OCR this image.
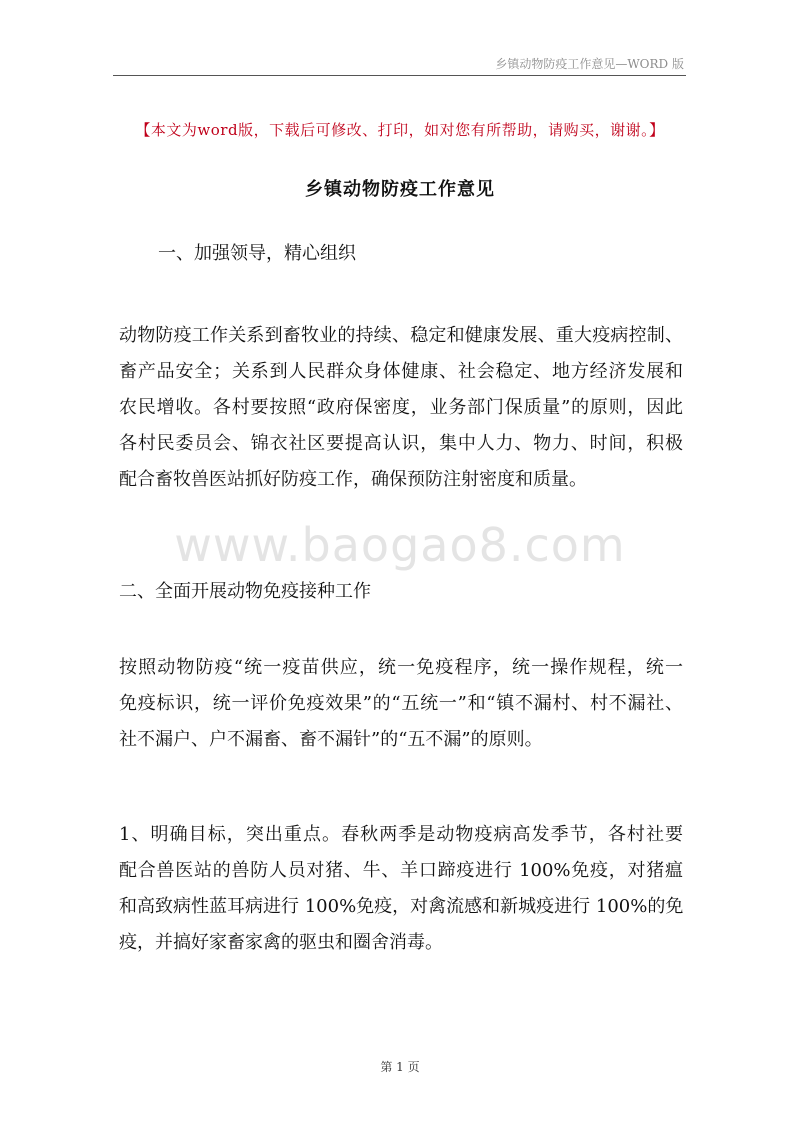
乡镇动物防疫工作意见—WORD 版
【本文为word版，下载后可修改、打印，如对您有所帮助，请购买，谢谢。】
乡镇动物防疫工作意见
一、加强领导，精心组织
动物防疫工作关系到畜牧业的持续、稳定和健康发展、重大疫病控制、
畜产品安全；关系到人民群众身体健康、社会稳定、地方经济发展和
农民增收。各村要按照“政府保密度，业务部门保质量”的原则，因此
各村民委员会、锦衣社区要提高认识，集中人力、物力、时间，积极
配合畜牧兽医站抓好防疫工作，确保预防注射密度和质量。
www.baogao8.com
二、全面开展动物免疫接种工作
按照动物防疫“统一疫苗供应，统一免疫程序，统一操作规程，统一
免疫标识，统一评价免疫效果”的“五统一”和“镇不漏村、村不漏社、
社不漏户、户不漏畜、畜不漏针”的“五不漏”的原则。
1、明确目标，突出重点。春秋两季是动物疫病高发季节，各村社要
配合兽医站的兽防人员对猪、牛、羊口蹄疫进行 100%免疫，对猪瘟
和高致病性蓝耳病进行 100%免疫，对禽流感和新城疫进行 100%的免
疫，并搞好家畜家禽的驱虫和圈舍消毒。
第 1 页
